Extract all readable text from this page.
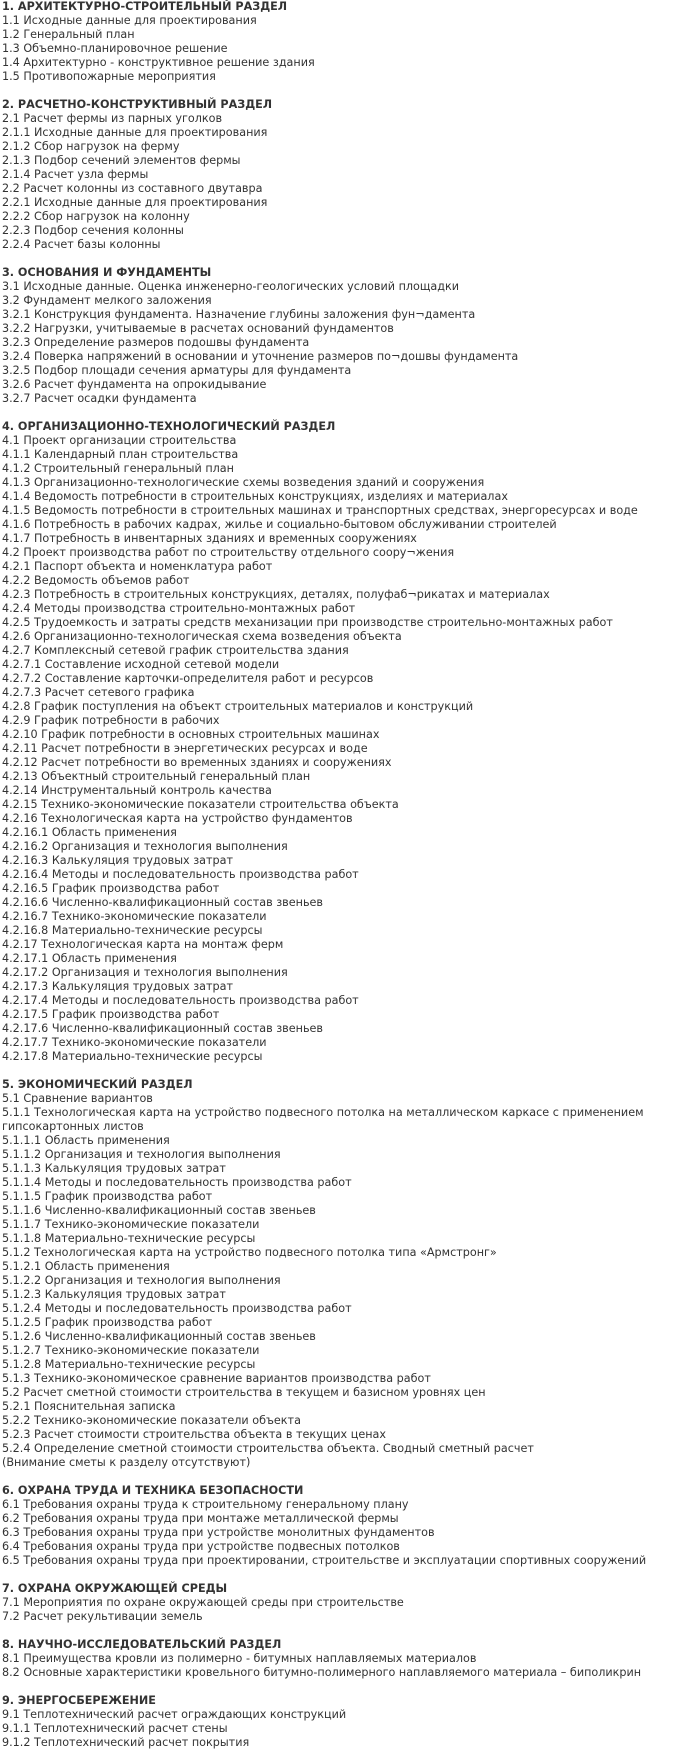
1. АРХИТЕКТУРНО-СТРОИТЕЛЬНЫЙ РАЗДЕЛ
1.1 Исходные данные для проектирования
1.2 Генеральный план
1.3 Объемно-планировочное решение
1.4 Архитектурно - конструктивное решение здания
1.5 Противопожарные мероприятия
2. РАСЧЕТНО-КОНСТРУКТИВНЫЙ РАЗДЕЛ
2.1 Расчет фермы из парных уголков
2.1.1 Исходные данные для проектирования
2.1.2 Сбор нагрузок на ферму
2.1.3 Подбор сечений элементов фермы
2.1.4 Расчет узла фермы
2.2 Расчет колонны из составного двутавра
2.2.1 Исходные данные для проектирования
2.2.2 Сбор нагрузок на колонну
2.2.3 Подбор сечения колонны
2.2.4 Расчет базы колонны
3. ОСНОВАНИЯ И ФУНДАМЕНТЫ
3.1 Исходные данные. Оценка инженерно-геологических условий площадки
3.2 Фундамент мелкого заложения
3.2.1 Конструкция фундамента. Назначение глубины заложения фун¬дамента
3.2.2 Нагрузки, учитываемые в расчетах оснований фундаментов
3.2.3 Определение размеров подошвы фундамента
3.2.4 Поверка напряжений в основании и уточнение размеров по¬дошвы фундамента
3.2.5 Подбор площади сечения арматуры для фундамента
3.2.6 Расчет фундамента на опрокидывание
3.2.7 Расчет осадки фундамента
4. ОРГАНИЗАЦИОННО-ТЕХНОЛОГИЧЕСКИЙ РАЗДЕЛ
4.1 Проект организации строительства
4.1.1 Календарный план строительства
4.1.2 Строительный генеральный план
4.1.3 Организационно-технологические схемы возведения зданий и сооружения
4.1.4 Ведомость потребности в строительных конструкциях, изделиях и материалах
4.1.5 Ведомость потребности в строительных машинах и транспортных средствах, энергоресурсах и воде
4.1.6 Потребность в рабочих кадрах, жилье и социально-бытовом обслуживании строителей
4.1.7 Потребность в инвентарных зданиях и временных сооружениях
4.2 Проект производства работ по строительству отдельного соору¬жения
4.2.1 Паспорт объекта и номенклатура работ
4.2.2 Ведомость объемов работ
4.2.3 Потребность в строительных конструкциях, деталях, полуфаб¬рикатах и материалах
4.2.4 Методы производства строительно-монтажных работ
4.2.5 Трудоемкость и затраты средств механизации при производстве строительно-монтажных работ
4.2.6 Организационно-технологическая схема возведения объекта
4.2.7 Комплексный сетевой график строительства здания
4.2.7.1 Составление исходной сетевой модели
4.2.7.2 Составление карточки-определителя работ и ресурсов
4.2.7.3 Расчет сетевого графика
4.2.8 График поступления на объект строительных материалов и конструкций
4.2.9 График потребности в рабочих
4.2.10 График потребности в основных строительных машинах
4.2.11 Расчет потребности в энергетических ресурсах и воде
4.2.12 Расчет потребности во временных зданиях и сооружениях
4.2.13 Объектный строительный генеральный план
4.2.14 Инструментальный контроль качества
4.2.15 Технико-экономические показатели строительства объекта
4.2.16 Технологическая карта на устройство фундаментов
4.2.16.1 Область применения
4.2.16.2 Организация и технология выполнения
4.2.16.3 Калькуляция трудовых затрат
4.2.16.4 Методы и последовательность производства работ
4.2.16.5 График производства работ
4.2.16.6 Численно-квалификационный состав звеньев
4.2.16.7 Технико-экономические показатели
4.2.16.8 Материально-технические ресурсы
4.2.17 Технологическая карта на монтаж ферм
4.2.17.1 Область применения
4.2.17.2 Организация и технология выполнения
4.2.17.3 Калькуляция трудовых затрат
4.2.17.4 Методы и последовательность производства работ
4.2.17.5 График производства работ
4.2.17.6 Численно-квалификационный состав звеньев
4.2.17.7 Технико-экономические показатели
4.2.17.8 Материально-технические ресурсы
5. ЭКОНОМИЧЕСКИЙ РАЗДЕЛ
5.1 Сравнение вариантов
5.1.1 Технологическая карта на устройство подвесного потолка на металлическом каркасе с применением гипсокартонных листов
5.1.1.1 Область применения
5.1.1.2 Организация и технология выполнения
5.1.1.3 Калькуляция трудовых затрат
5.1.1.4 Методы и последовательность производства работ
5.1.1.5 График производства работ
5.1.1.6 Численно-квалификационный состав звеньев
5.1.1.7 Технико-экономические показатели
5.1.1.8 Материально-технические ресурсы
5.1.2 Технологическая карта на устройство подвесного потолка типа «Армстронг»
5.1.2.1 Область применения
5.1.2.2 Организация и технология выполнения
5.1.2.3 Калькуляция трудовых затрат
5.1.2.4 Методы и последовательность производства работ
5.1.2.5 График производства работ
5.1.2.6 Численно-квалификационный состав звеньев
5.1.2.7 Технико-экономические показатели
5.1.2.8 Материально-технические ресурсы
5.1.3 Технико-экономическое сравнение вариантов производства работ
5.2 Расчет сметной стоимости строительства в текущем и базисном уровнях цен
5.2.1 Пояснительная записка
5.2.2 Технико-экономические показатели объекта
5.2.3 Расчет стоимости строительства объекта в текущих ценах
5.2.4 Определение сметной стоимости строительства объекта. Сводный сметный расчет
(Внимание сметы к разделу отсутствуют)
6. ОХРАНА ТРУДА И ТЕХНИКА БЕЗОПАСНОСТИ
6.1 Требования охраны труда к строительному генеральному плану
6.2 Требования охраны труда при монтаже металлической фермы
6.3 Требования охраны труда при устройстве монолитных фундаментов
6.4 Требования охраны труда при устройстве подвесных потолков
6.5 Требования охраны труда при проектировании, строительстве и эксплуатации спортивных сооружений
7. ОХРАНА ОКРУЖАЮЩЕЙ СРЕДЫ
7.1 Мероприятия по охране окружающей среды при строительстве
7.2 Расчет рекультивации земель
8. НАУЧНО-ИССЛЕДОВАТЕЛЬСКИЙ РАЗДЕЛ
8.1 Преимущества кровли из полимерно - битумных наплавляемых материалов
8.2 Основные характеристики кровельного битумно-полимерного наплавляемого материала – биполикрин
9. ЭНЕРГОСБЕРЕЖЕНИЕ
9.1 Теплотехнический расчет ограждающих конструкций
9.1.1 Теплотехнический расчет стены
9.1.2 Теплотехнический расчет покрытия
